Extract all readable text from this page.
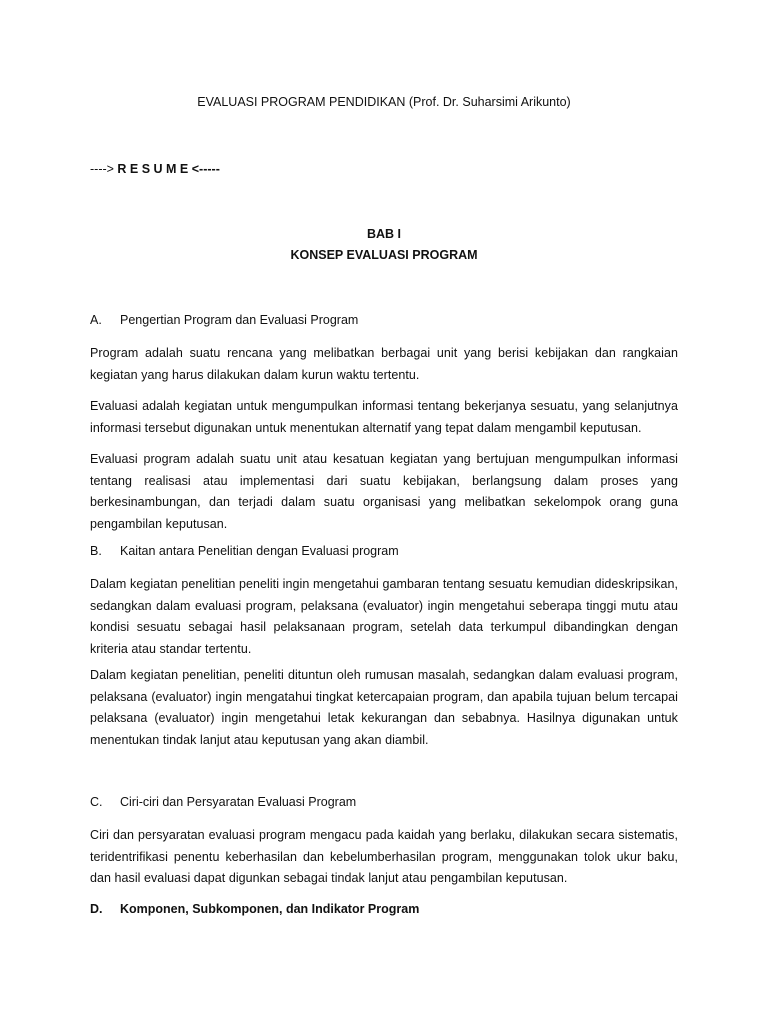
EVALUASI PROGRAM PENDIDIKAN (Prof. Dr. Suharsimi Arikunto)

----> R E S U M E <-----

BAB I

KONSEP EVALUASI PROGRAM

A. Pengertian Program dan Evaluasi Program

Program adalah suatu rencana yang melibatkan berbagai unit yang berisi kebijakan dan rangkaian kegiatan yang harus dilakukan dalam kurun waktu tertentu.

Evaluasi adalah kegiatan untuk mengumpulkan informasi tentang bekerjanya sesuatu, yang selanjutnya informasi tersebut digunakan untuk menentukan alternatif yang tepat dalam mengambil keputusan.

Evaluasi program adalah suatu unit atau kesatuan kegiatan yang bertujuan mengumpulkan informasi tentang realisasi atau implementasi dari suatu kebijakan, berlangsung dalam proses yang berkesinambungan, dan terjadi dalam suatu organisasi yang melibatkan sekelompok orang guna pengambilan keputusan.

B. Kaitan antara Penelitian dengan Evaluasi program

Dalam kegiatan penelitian peneliti ingin mengetahui gambaran tentang sesuatu kemudian dideskripsikan, sedangkan dalam evaluasi program, pelaksana (evaluator) ingin mengetahui seberapa tinggi mutu atau kondisi sesuatu sebagai hasil pelaksanaan program, setelah data terkumpul dibandingkan dengan kriteria atau standar tertentu.

Dalam kegiatan penelitian, peneliti dituntun oleh rumusan masalah, sedangkan dalam evaluasi program, pelaksana (evaluator) ingin mengatahui tingkat ketercapaian program, dan apabila tujuan belum tercapai pelaksana (evaluator) ingin mengetahui letak kekurangan dan sebabnya. Hasilnya digunakan untuk menentukan tindak lanjut atau keputusan yang akan diambil.

C. Ciri-ciri dan Persyaratan Evaluasi Program

Ciri dan persyaratan evaluasi program mengacu pada kaidah yang berlaku, dilakukan secara sistematis, teridentrifikasi penentu keberhasilan dan kebelumberhasilan program, menggunakan tolok ukur baku, dan hasil evaluasi dapat digunkan sebagai tindak lanjut atau pengambilan keputusan.

D. Komponen, Subkomponen, dan Indikator Program
